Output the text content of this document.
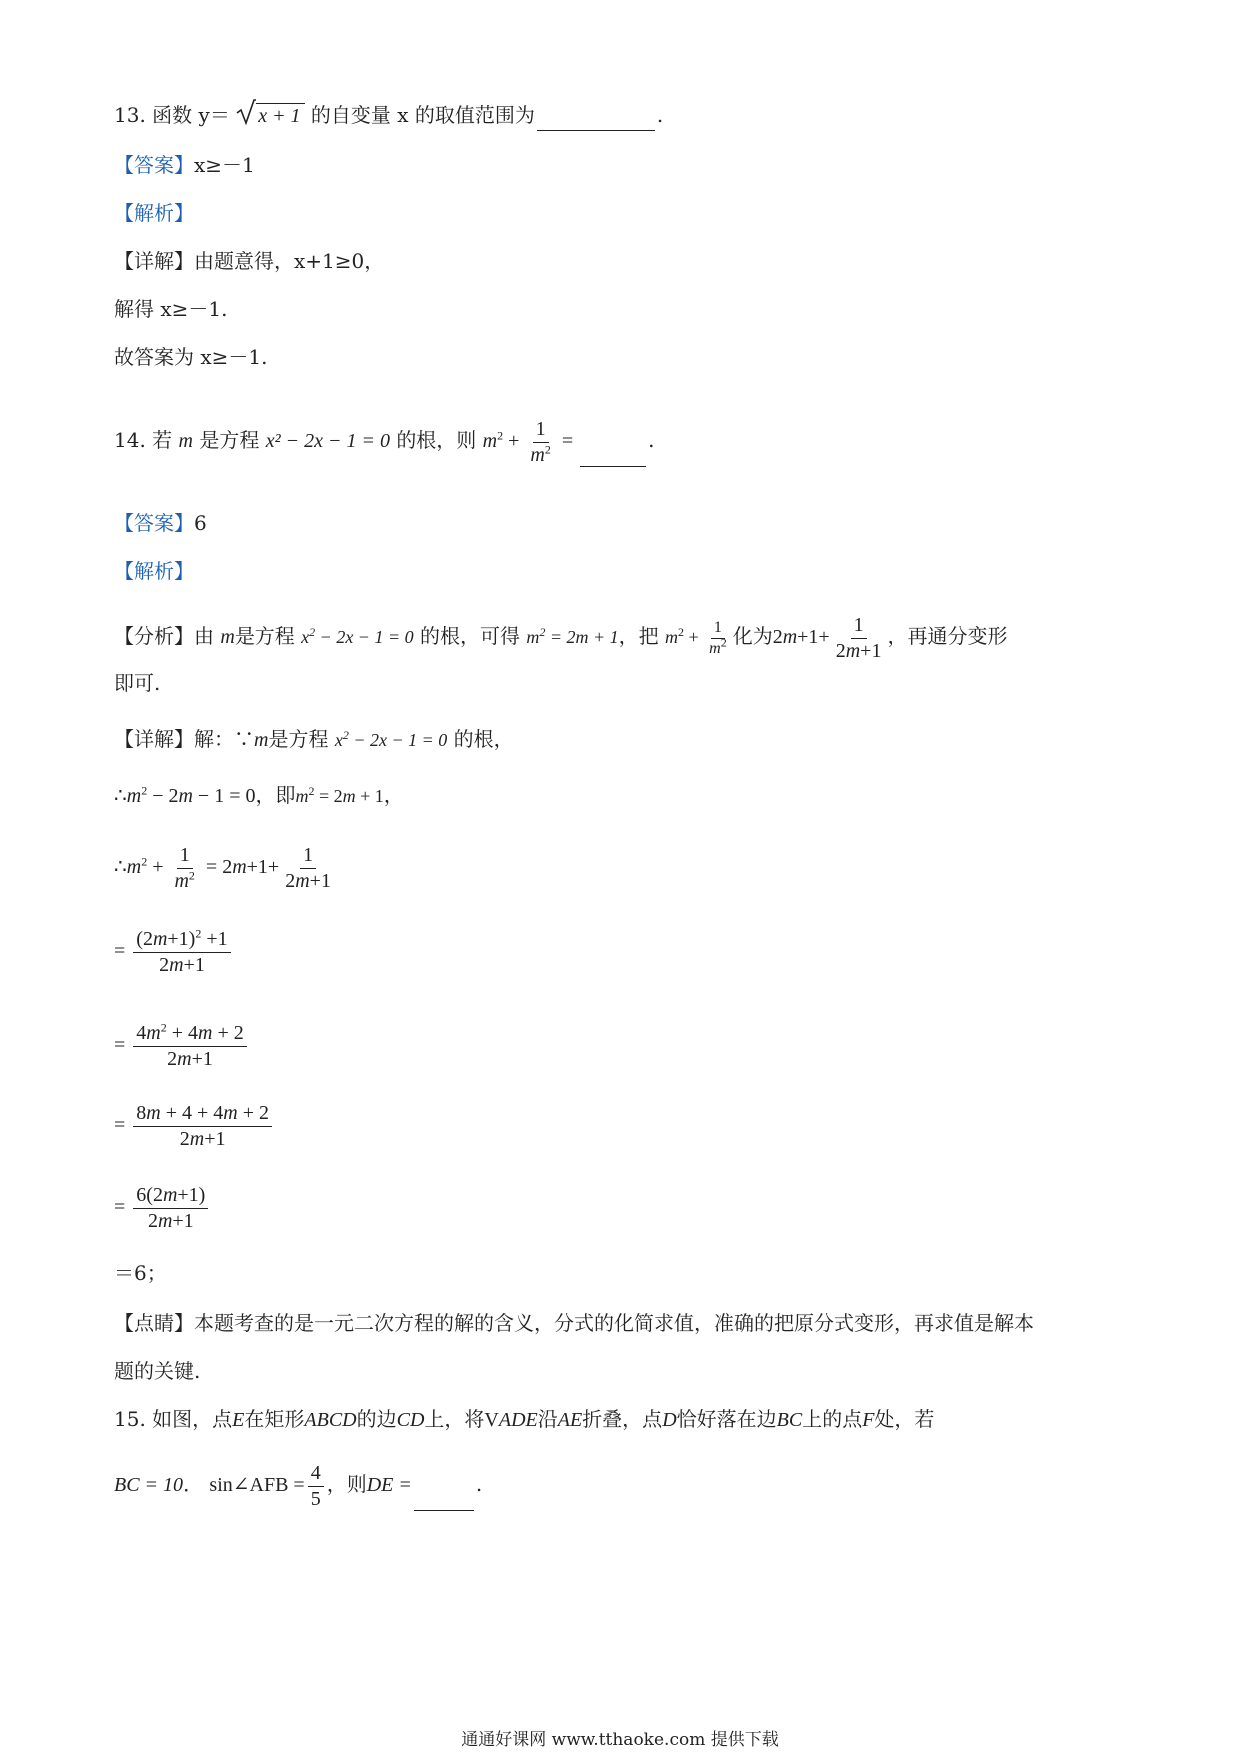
13. 函数 y＝ x + 1 的自变量 x 的取值范围为	.
【答案】x≥－1
【解析】
【详解】由题意得，x+1≥0，
解得 x≥－1.
故答案为 x≥－1.
14. 若 m 是方程 x² − 2x − 1 = 0 的根，则 $m^2 + \frac{1}{m^2}$ =	.
【答案】6
【解析】
【分析】由 m是方程 $x^2 - 2x - 1 = 0$ 的根，可得 $m^2 = 2m + 1$，把 $m^2 + \frac{1}{m^2}$ 化为$2m+1+ \frac{1}{2m+1}$ ，再通分变形
即可.
【详解】解：∵m是方程 $x^2 - 2x - 1 = 0$ 的根，
$\therefore m^2 - 2m - 1 = 0$，即$m^2 = 2m + 1$，
$\therefore m^2 + \frac{1}{m^2} = 2m+1+ \frac{1}{2m+1}$
= $\frac{(2m+1)^2 +1}{2m+1}$
= $\frac{4m^2 + 4m + 2}{2m+1}$
= $\frac{8m + 4 + 4m + 2}{2m+1}$
= $\frac{6(2m+1)}{2m+1}$
＝6；
【点睛】本题考查的是一元二次方程的解的含义，分式的化简求值，准确的把原分式变形，再求值是解本
题的关键.
15. 如图，点E在矩形ABCD的边CD上，将VADE沿AE折叠，点D恰好落在边BC上的点F处，若
BC = 10． sin∠AFB = $\frac{4}{5}$ ，则DE =	.
通通好课网 www.tthaoke.com 提供下载
